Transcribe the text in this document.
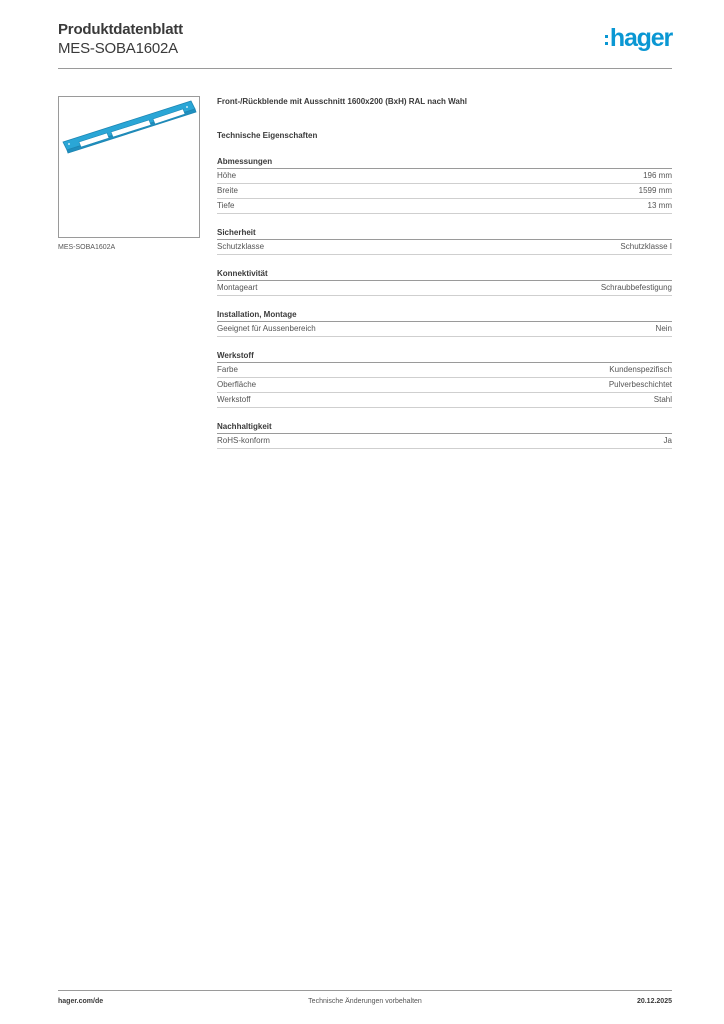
Produktdatenblatt
MES-SOBA1602A	hager
MES-SOBA1602A
Front-/Rückblende mit Ausschnitt 1600x200 (BxH) RAL nach Wahl
Technische Eigenschaften
Abmessungen
Höhe	196 mm
Breite	1599 mm
Tiefe	13 mm
Sicherheit
Schutzklasse	Schutzklasse I
Konnektivität
Montageart	Schraubbefestigung
Installation, Montage
Geeignet für Aussenbereich	Nein
Werkstoff
Farbe	Kundenspezifisch
Oberfläche	Pulverbeschichtet
Werkstoff	Stahl
Nachhaltigkeit
RoHS-konform	Ja
hager.com/de	Technische Änderungen vorbehalten	20.12.2025
